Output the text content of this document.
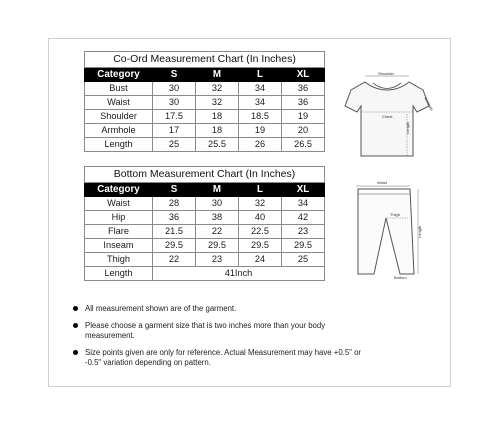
Co-Ord Measurement Chart (In Inches)				
Category	S	M	L	XL
Bust	30	32	34	36
Waist	30	32	34	36
Shoulder	17.5	18	18.5	19
Armhole	17	18	19	20
Length	25	25.5	26	26.5
Bottom Measurement Chart (In Inches)				
Category	S	M	L	XL
Waist	28	30	32	34
Hip	36	38	40	42
Flare	21.5	22	22.5	23
Inseam	29.5	29.5	29.5	29.5
Thigh	22	23	24	25
Length	41Inch			
Shoulder
Chest
Armhole
Length
Waist
Thigh
Length
Bottom
All measurement shown are of the garment.
Please choose a garment size that is two inches more than your body measurement.
Size points given are only for reference. Actual Measurement may have +0.5" or -0.5" variation depending on pattern.
